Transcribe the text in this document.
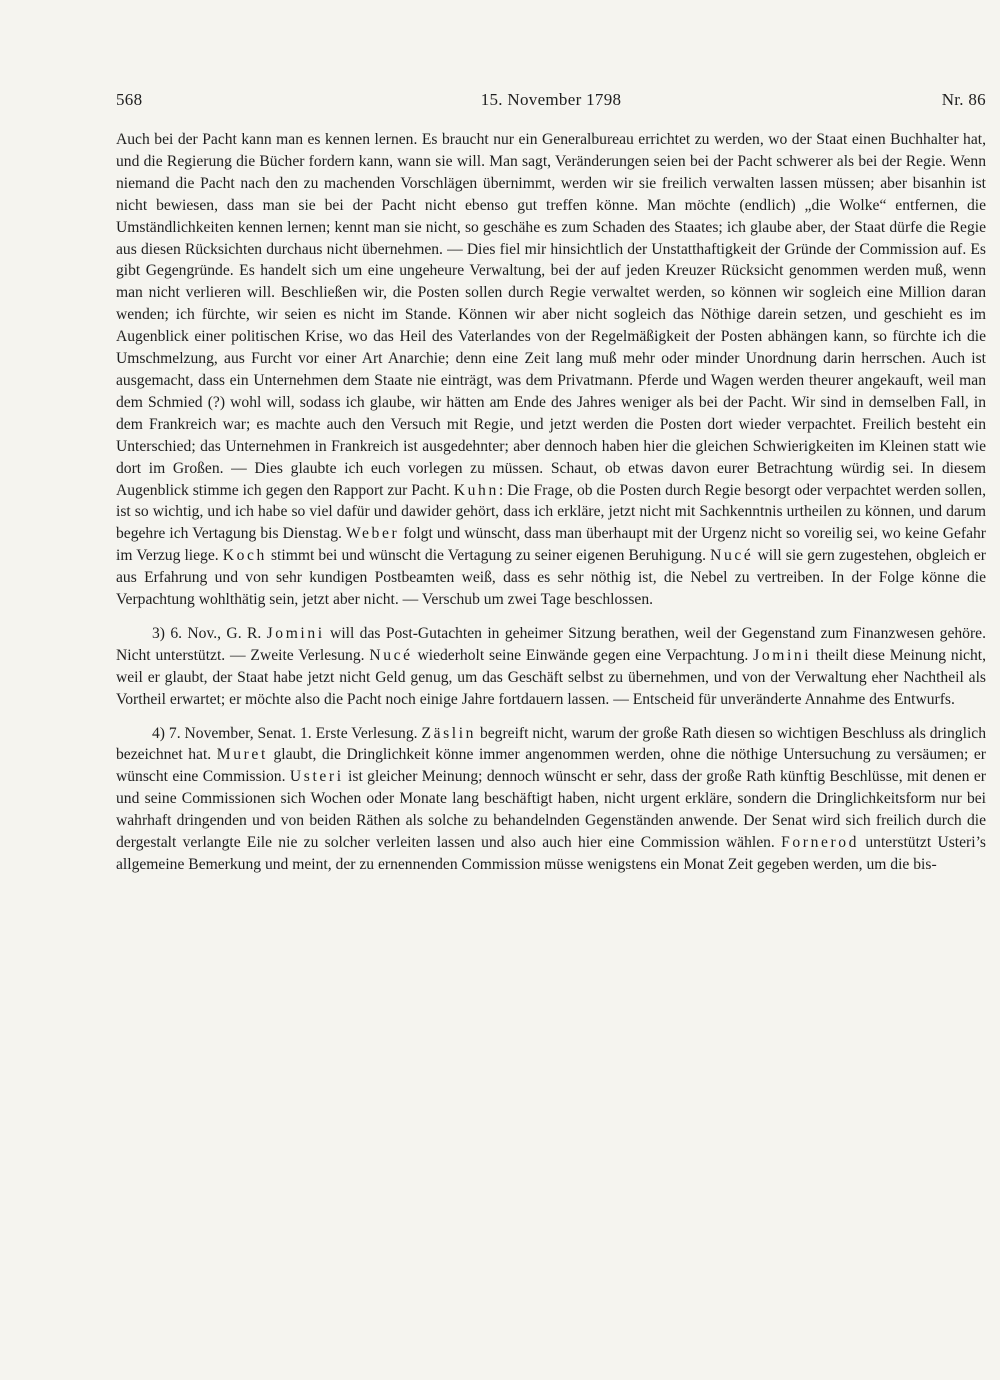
568	15. November 1798	Nr. 86

Auch bei der Pacht kann man es kennen lernen. Es braucht nur ein Generalbureau errichtet zu werden, wo der Staat einen Buchhalter hat, und die Regierung die Bücher fordern kann, wann sie will. Man sagt, Veränderungen seien bei der Pacht schwerer als bei der Regie. Wenn niemand die Pacht nach den zu machenden Vorschlägen übernimmt, werden wir sie freilich verwalten lassen müssen; aber bisanhin ist nicht bewiesen, dass man sie bei der Pacht nicht ebenso gut treffen könne. Man möchte (endlich) „die Wolke“ entfernen, die Umständlichkeiten kennen lernen; kennt man sie nicht, so geschähe es zum Schaden des Staates; ich glaube aber, der Staat dürfe die Regie aus diesen Rücksichten durchaus nicht übernehmen. — Dies fiel mir hinsichtlich der Unstatthaftigkeit der Gründe der Commission auf. Es gibt Gegengründe. Es handelt sich um eine ungeheure Verwaltung, bei der auf jeden Kreuzer Rücksicht genommen werden muß, wenn man nicht verlieren will. Beschließen wir, die Posten sollen durch Regie verwaltet werden, so können wir sogleich eine Million daran wenden; ich fürchte, wir seien es nicht im Stande. Können wir aber nicht sogleich das Nöthige darein setzen, und geschieht es im Augenblick einer politischen Krise, wo das Heil des Vaterlandes von der Regelmäßigkeit der Posten abhängen kann, so fürchte ich die Umschmelzung, aus Furcht vor einer Art Anarchie; denn eine Zeit lang muß mehr oder minder Unordnung darin herrschen. Auch ist ausgemacht, dass ein Unternehmen dem Staate nie einträgt, was dem Privatmann. Pferde und Wagen werden theurer angekauft, weil man dem Schmied (?) wohl will, sodass ich glaube, wir hätten am Ende des Jahres weniger als bei der Pacht. Wir sind in demselben Fall, in dem Frankreich war; es machte auch den Versuch mit Regie, und jetzt werden die Posten dort wieder verpachtet. Freilich besteht ein Unterschied; das Unternehmen in Frankreich ist ausgedehnter; aber dennoch haben hier die gleichen Schwierigkeiten im Kleinen statt wie dort im Großen. — Dies glaubte ich euch vorlegen zu müssen. Schaut, ob etwas davon eurer Betrachtung würdig sei. In diesem Augenblick stimme ich gegen den Rapport zur Pacht. Kuhn: Die Frage, ob die Posten durch Regie besorgt oder verpachtet werden sollen, ist so wichtig, und ich habe so viel dafür und dawider gehört, dass ich erkläre, jetzt nicht mit Sachkenntnis urtheilen zu können, und darum begehre ich Vertagung bis Dienstag. Weber folgt und wünscht, dass man überhaupt mit der Urgenz nicht so voreilig sei, wo keine Gefahr im Verzug liege. Koch stimmt bei und wünscht die Vertagung zu seiner eigenen Beruhigung. Nucé will sie gern zugestehen, obgleich er aus Erfahrung und von sehr kundigen Postbeamten weiß, dass es sehr nöthig ist, die Nebel zu vertreiben. In der Folge könne die Verpachtung wohlthätig sein, jetzt aber nicht. — Verschub um zwei Tage beschlossen.

3) 6. Nov., G. R. Jomini will das Post-Gutachten in geheimer Sitzung berathen, weil der Gegenstand zum Finanzwesen gehöre. Nicht unterstützt. — Zweite Verlesung. Nucé wiederholt seine Einwände gegen eine Verpachtung. Jomini theilt diese Meinung nicht, weil er glaubt, der Staat habe jetzt nicht Geld genug, um das Geschäft selbst zu übernehmen, und von der Verwaltung eher Nachtheil als Vortheil erwartet; er möchte also die Pacht noch einige Jahre fortdauern lassen. — Entscheid für unveränderte Annahme des Entwurfs.

4) 7. November, Senat. 1. Erste Verlesung. Zäslin begreift nicht, warum der große Rath diesen so wichtigen Beschluss als dringlich bezeichnet hat. Muret glaubt, die Dringlichkeit könne immer angenommen werden, ohne die nöthige Untersuchung zu versäumen; er wünscht eine Commission. Usteri ist gleicher Meinung; dennoch wünscht er sehr, dass der große Rath künftig Beschlüsse, mit denen er und seine Commissionen sich Wochen oder Monate lang beschäftigt haben, nicht urgent erkläre, sondern die Dringlichkeitsform nur bei wahrhaft dringenden und von beiden Räthen als solche zu behandelnden Gegenständen anwende. Der Senat wird sich freilich durch die dergestalt verlangte Eile nie zu solcher verleiten lassen und also auch hier eine Commission wählen. Fornerod unterstützt Usteri’s allgemeine Bemerkung und meint, der zu ernennenden Commission müsse wenigstens ein Monat Zeit gegeben werden, um die bis-
